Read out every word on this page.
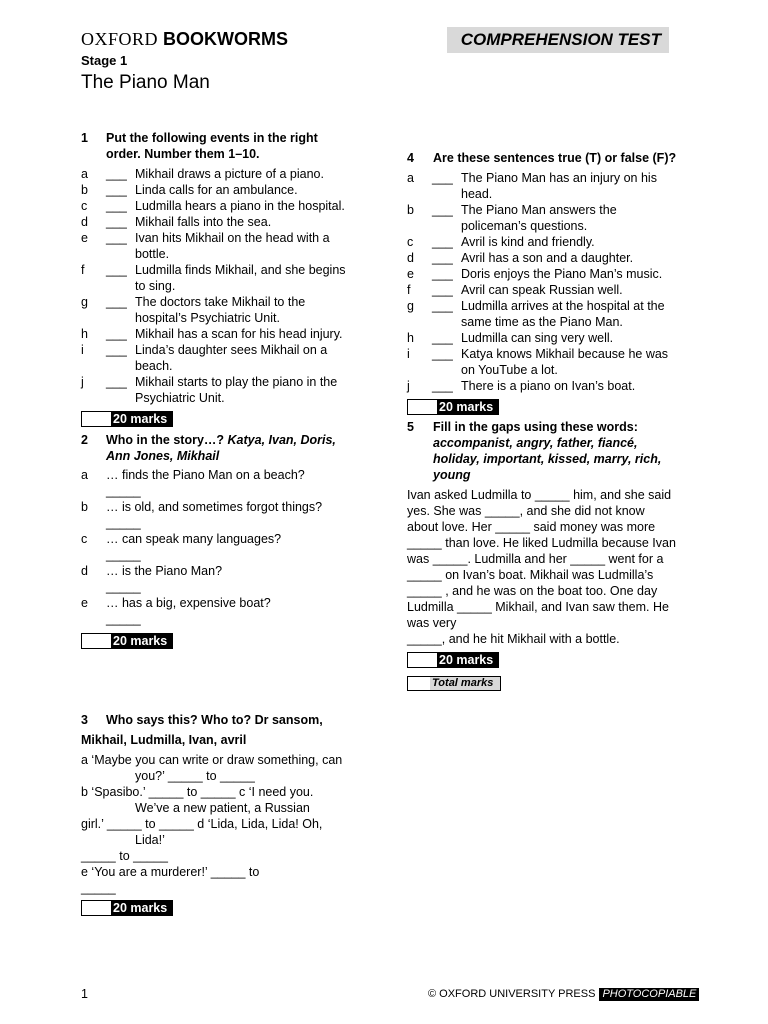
OXFORD BOOKWORMS	COMPREHENSION TEST
Stage 1
The Piano Man
1 Put the following events in the right
order. Number them 1–10.
a ___ Mikhail draws a picture of a piano.
b ___ Linda calls for an ambulance.
c ___ Ludmilla hears a piano in the hospital.
d ___ Mikhail falls into the sea.
e ___ Ivan hits Mikhail on the head with a
bottle.
f ___ Ludmilla finds Mikhail, and she begins
to sing.
g ___ The doctors take Mikhail to the
hospital’s Psychiatric Unit.
h ___ Mikhail has a scan for his head injury.
i ___ Linda’s daughter sees Mikhail on a
beach.
j ___ Mikhail starts to play the piano in the
Psychiatric Unit.
20 marks
2 Who in the story…? Katya, Ivan, Doris,
Ann Jones, Mikhail
a … finds the Piano Man on a beach?
_____
b … is old, and sometimes forgot things?
_____
c … can speak many languages?
_____
d … is the Piano Man?
_____
e … has a big, expensive boat?
_____
20 marks
3 Who says this? Who to? Dr sansom,
Mikhail, Ludmilla, Ivan, avril
a ‘Maybe you can write or draw something, can
you?’ _____ to _____
b ‘Spasibo.’ _____ to _____ c ‘I need you.
We’ve a new patient, a Russian
girl.’ _____ to _____ d ‘Lida, Lida, Lida! Oh,
Lida!’
_____ to _____
e ‘You are a murderer!’ _____ to
_____
20 marks
4 Are these sentences true (T) or false (F)?
a ___ The Piano Man has an injury on his
head.
b ___ The Piano Man answers the
policeman’s questions.
c ___ Avril is kind and friendly.
d ___ Avril has a son and a daughter.
e ___ Doris enjoys the Piano Man’s music.
f ___ Avril can speak Russian well.
g ___ Ludmilla arrives at the hospital at the
same time as the Piano Man.
h ___ Ludmilla can sing very well.
i ___ Katya knows Mikhail because he was
on YouTube a lot.
j ___ There is a piano on Ivan’s boat.
20 marks
5 Fill in the gaps using these words:
accompanist, angry, father, fiancé,
holiday, important, kissed, marry, rich,
young
Ivan asked Ludmilla to _____ him, and she said
yes. She was _____, and she did not know
about love. Her _____ said money was more
_____ than love. He liked Ludmilla because Ivan
was _____. Ludmilla and her _____ went for a
_____ on Ivan’s boat. Mikhail was Ludmilla’s
_____ , and he was on the boat too. One day
Ludmilla _____ Mikhail, and Ivan saw them. He
was very
_____, and he hit Mikhail with a bottle.
20 marks
Total marks
1	© OXFORD UNIVERSITY PRESS PHOTOCOPIABLE
